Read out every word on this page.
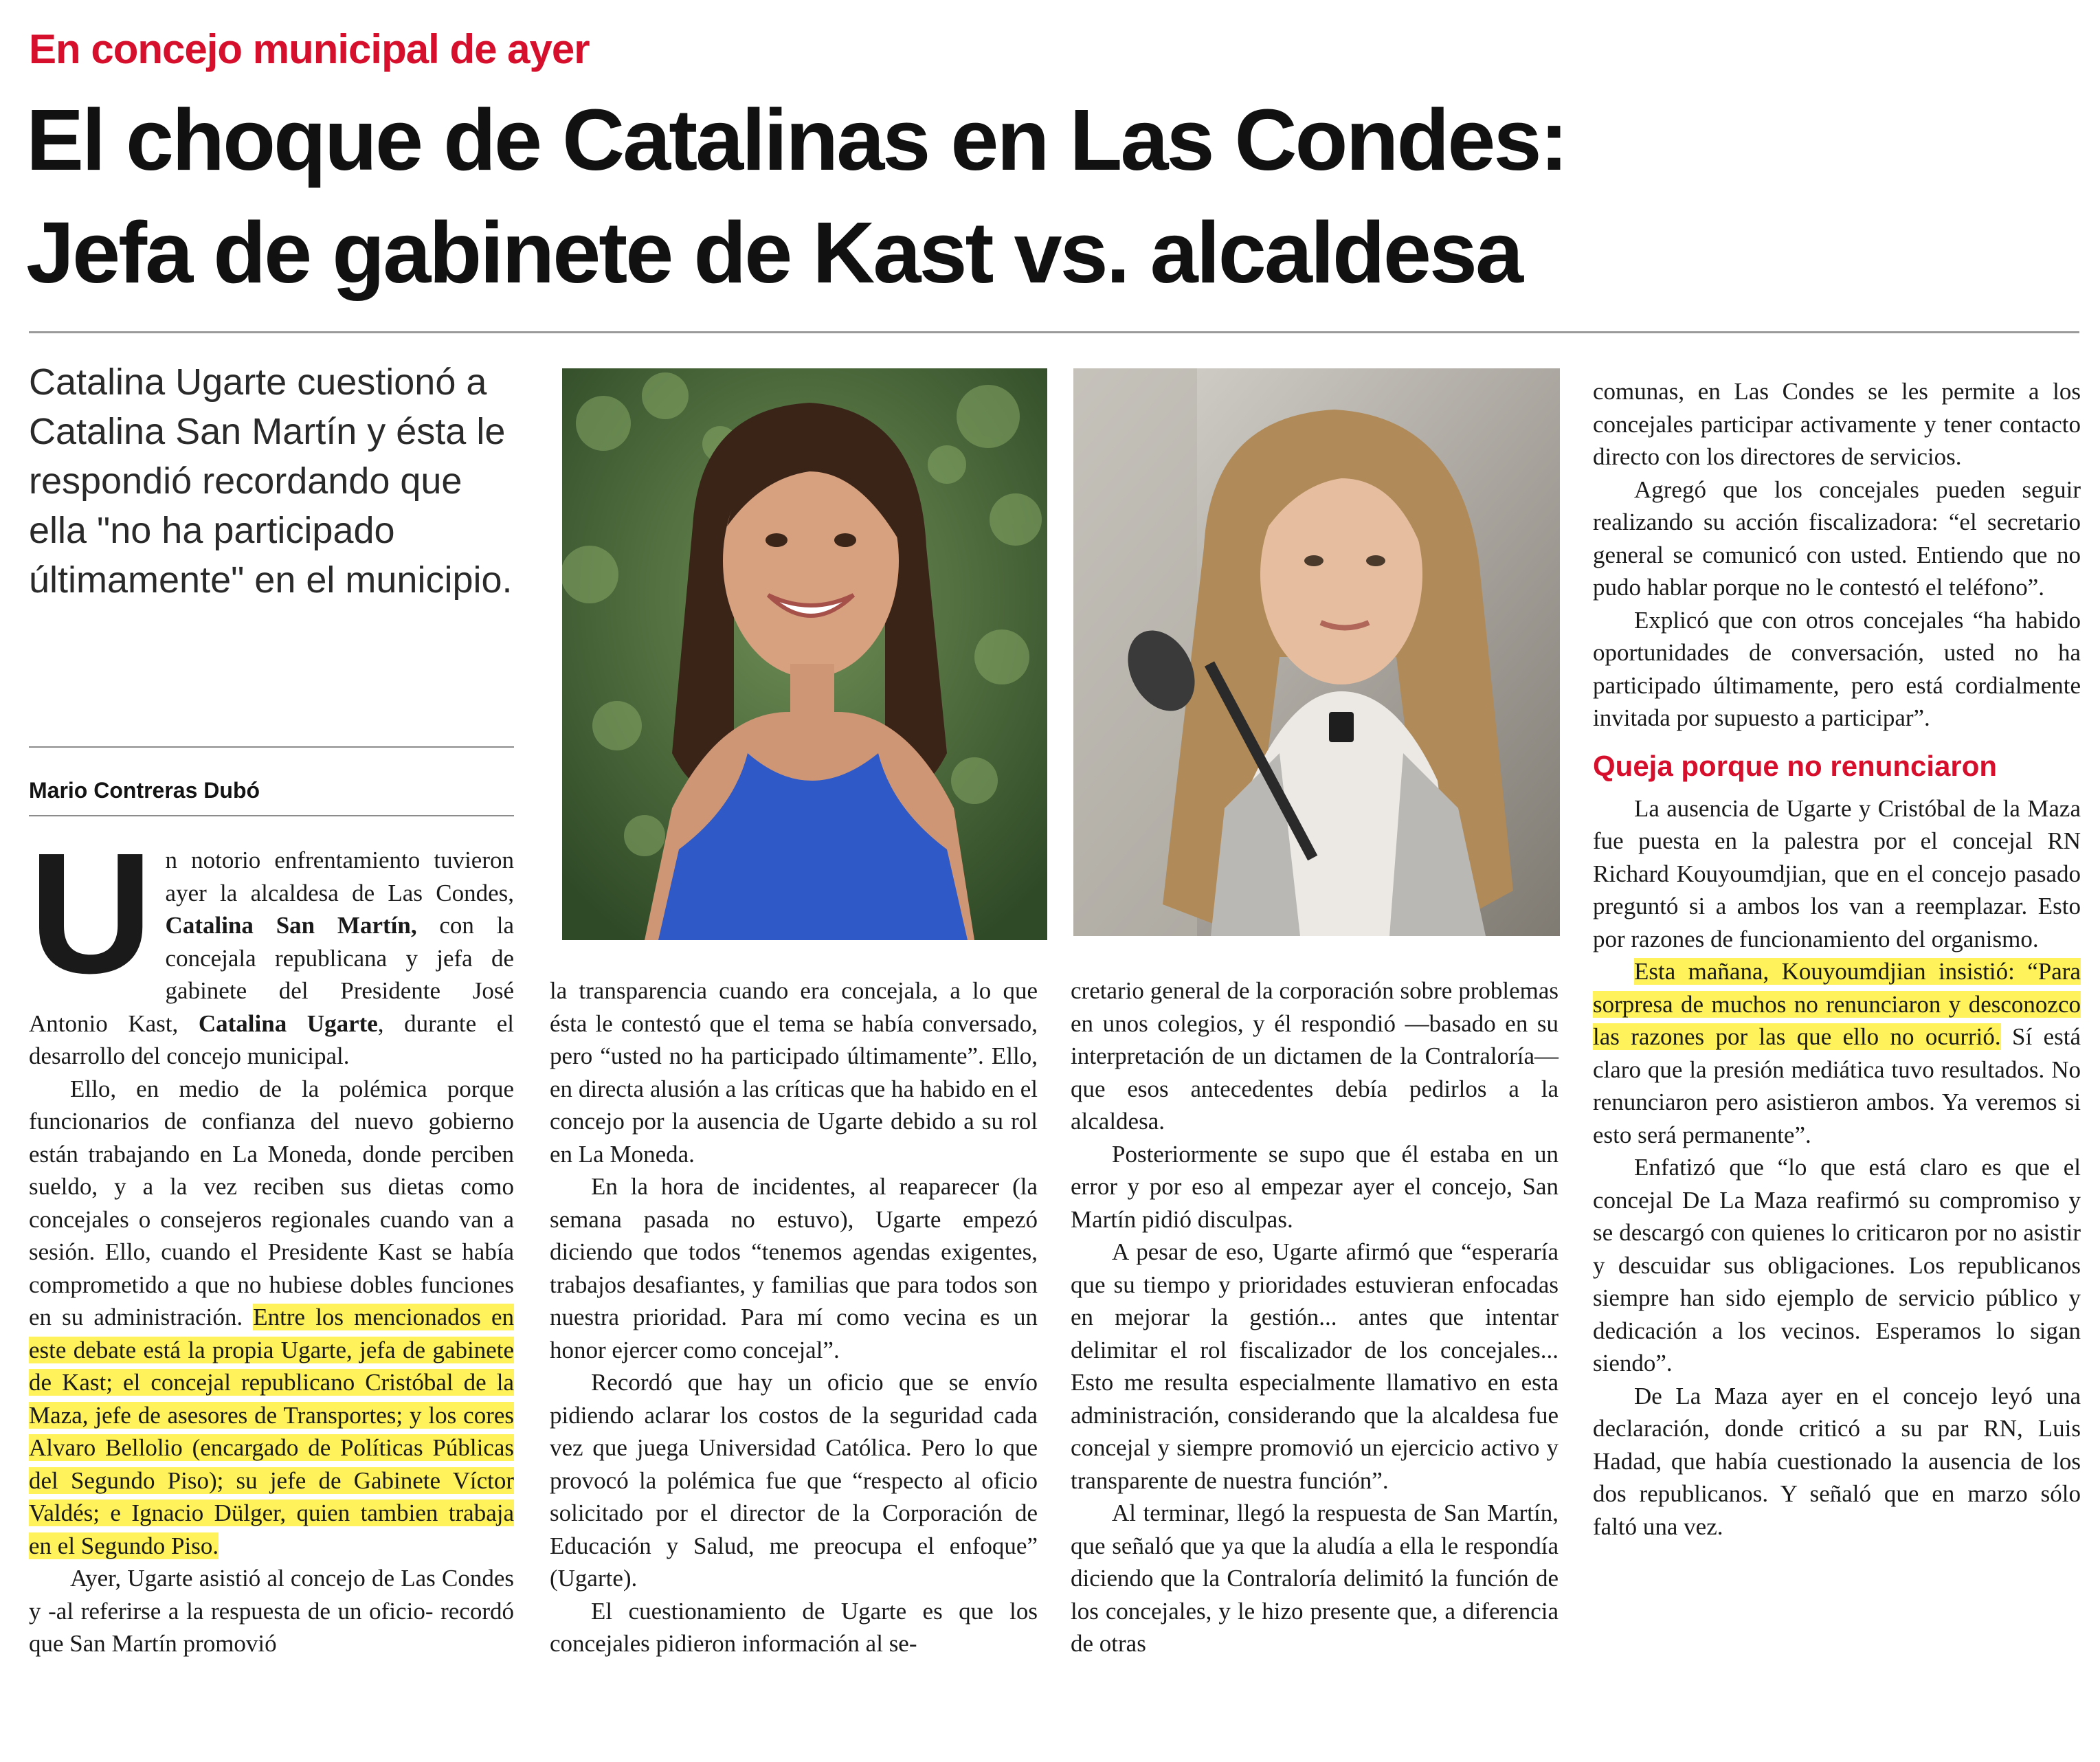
En concejo municipal de ayer
El choque de Catalinas en Las Condes:
Jefa de gabinete de Kast vs. alcaldesa
Catalina Ugarte cuestionó a Catalina San Martín y ésta le respondió recordando que ella "no ha participado últimamente" en el municipio.
Mario Contreras Dubó

Un notorio enfrentamiento tuvieron ayer la alcaldesa de Las Condes, Catalina San Martín, con la concejala republicana y jefa de gabinete del Presidente José Antonio Kast, Catalina Ugarte, durante el desarrollo del concejo municipal.

Ello, en medio de la polémica porque funcionarios de confianza del nuevo gobierno están trabajando en La Moneda, donde perciben sueldo, y a la vez reciben sus dietas como concejales o consejeros regionales cuando van a sesión. Ello, cuando el Presidente Kast se había comprometido a que no hubiese dobles funciones en su administración. Entre los mencionados en este debate está la propia Ugarte, jefa de gabinete de Kast; el concejal republicano Cristóbal de la Maza, jefe de asesores de Transportes; y los cores Alvaro Bellolio (encargado de Políticas Públicas del Segundo Piso); su jefe de Gabinete Víctor Valdés; e Ignacio Dülger, quien tambien trabaja en el Segundo Piso.

Ayer, Ugarte asistió al concejo de Las Condes y -al referirse a la respuesta de un oficio- recordó que San Martín promovió

la transparencia cuando era concejala, a lo que ésta le contestó que el tema se había conversado, pero “usted no ha participado últimamente”. Ello, en directa alusión a las críticas que ha habido en el concejo por la ausencia de Ugarte debido a su rol en La Moneda.

En la hora de incidentes, al reaparecer (la semana pasada no estuvo), Ugarte empezó diciendo que todos “tenemos agendas exigentes, trabajos desafiantes, y familias que para todos son nuestra prioridad. Para mí como vecina es un honor ejercer como concejal”.

Recordó que hay un oficio que se envío pidiendo aclarar los costos de la seguridad cada vez que juega Universidad Católica. Pero lo que provocó la polémica fue que “respecto al oficio solicitado por el director de la Corporación de Educación y Salud, me preocupa el enfoque” (Ugarte).

El cuestionamiento de Ugarte es que los concejales pidieron información al se-

cretario general de la corporación sobre problemas en unos colegios, y él respondió —basado en su interpretación de un dictamen de la Contraloría— que esos antecedentes debía pedirlos a la alcaldesa.

Posteriormente se supo que él estaba en un error y por eso al empezar ayer el concejo, San Martín pidió disculpas.

A pesar de eso, Ugarte afirmó que “esperaría que su tiempo y prioridades estuvieran enfocadas en mejorar la gestión... antes que intentar delimitar el rol fiscalizador de los concejales... Esto me resulta especialmente llamativo en esta administración, considerando que la alcaldesa fue concejal y siempre promovió un ejercicio activo y transparente de nuestra función”.

Al terminar, llegó la respuesta de San Martín, que señaló que ya que la aludía a ella le respondía diciendo que la Contraloría delimitó la función de los concejales, y le hizo presente que, a diferencia de otras

comunas, en Las Condes se les permite a los concejales participar activamente y tener contacto directo con los directores de servicios.

Agregó que los concejales pueden seguir realizando su acción fiscalizadora: “el secretario general se comunicó con usted. Entiendo que no pudo hablar porque no le contestó el teléfono”.

Explicó que con otros concejales “ha habido oportunidades de conversación, usted no ha participado últimamente, pero está cordialmente invitada por supuesto a participar”.

Queja porque no renunciaron

La ausencia de Ugarte y Cristóbal de la Maza fue puesta en la palestra por el concejal RN Richard Kouyoumdjian, que en el concejo pasado preguntó si a ambos los van a reemplazar. Esto por razones de funcionamiento del organismo.

Esta mañana, Kouyoumdjian insistió: “Para sorpresa de muchos no renunciaron y desconozco las razones por las que ello no ocurrió. Sí está claro que la presión mediática tuvo resultados. No renunciaron pero asistieron ambos. Ya veremos si esto será permanente”.

Enfatizó que “lo que está claro es que el concejal De La Maza reafirmó su compromiso y se descargó con quienes lo criticaron por no asistir y descuidar sus obligaciones. Los republicanos siempre han sido ejemplo de servicio público y dedicación a los vecinos. Esperamos lo sigan siendo”.

De La Maza ayer en el concejo leyó una declaración, donde criticó a su par RN, Luis Hadad, que había cuestionado la ausencia de los dos republicanos. Y señaló que en marzo sólo faltó una vez.
